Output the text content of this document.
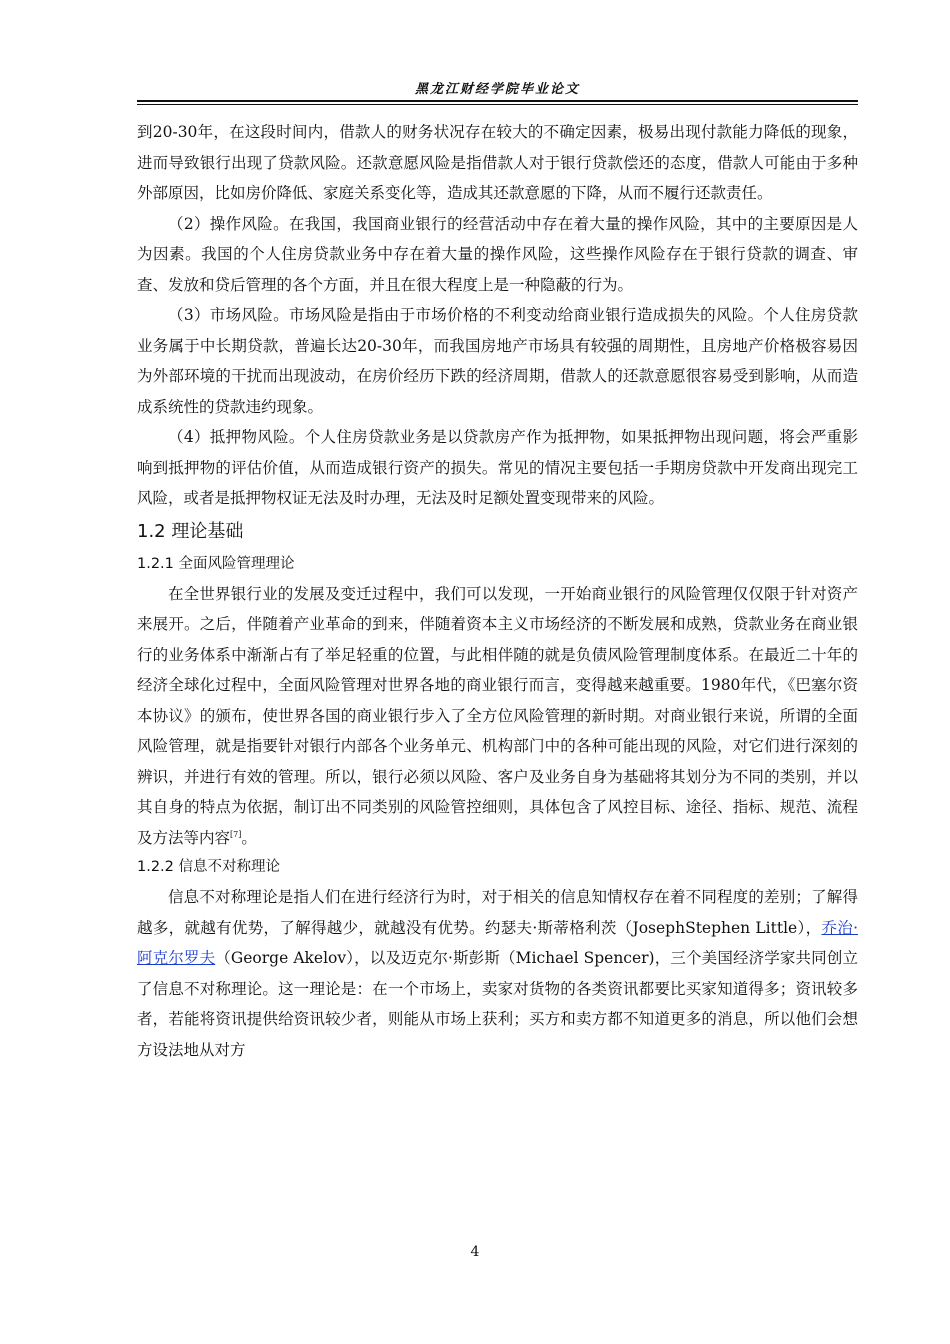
黑龙江财经学院毕业论文

到20-30年，在这段时间内，借款人的财务状况存在较大的不确定因素，极易出现付款能力降低的现象，进而导致银行出现了贷款风险。还款意愿风险是指借款人对于银行贷款偿还的态度，借款人可能由于多种外部原因，比如房价降低、家庭关系变化等，造成其还款意愿的下降，从而不履行还款责任。

（2）操作风险。在我国，我国商业银行的经营活动中存在着大量的操作风险，其中的主要原因是人为因素。我国的个人住房贷款业务中存在着大量的操作风险，这些操作风险存在于银行贷款的调查、审查、发放和贷后管理的各个方面，并且在很大程度上是一种隐蔽的行为。

（3）市场风险。市场风险是指由于市场价格的不利变动给商业银行造成损失的风险。个人住房贷款业务属于中长期贷款，普遍长达20-30年，而我国房地产市场具有较强的周期性，且房地产价格极容易因为外部环境的干扰而出现波动，在房价经历下跌的经济周期，借款人的还款意愿很容易受到影响，从而造成系统性的贷款违约现象。

（4）抵押物风险。个人住房贷款业务是以贷款房产作为抵押物，如果抵押物出现问题，将会严重影响到抵押物的评估价值，从而造成银行资产的损失。常见的情况主要包括一手期房贷款中开发商出现完工风险，或者是抵押物权证无法及时办理，无法及时足额处置变现带来的风险。

1.2 理论基础
1.2.1 全面风险管理理论

在全世界银行业的发展及变迁过程中，我们可以发现，一开始商业银行的风险管理仅仅限于针对资产来展开。之后，伴随着产业革命的到来，伴随着资本主义市场经济的不断发展和成熟，贷款业务在商业银行的业务体系中渐渐占有了举足轻重的位置，与此相伴随的就是负债风险管理制度体系。在最近二十年的经济全球化过程中，全面风险管理对世界各地的商业银行而言，变得越来越重要。1980年代，《巴塞尔资本协议》的颁布，使世界各国的商业银行步入了全方位风险管理的新时期。对商业银行来说，所谓的全面风险管理，就是指要针对银行内部各个业务单元、机构部门中的各种可能出现的风险，对它们进行深刻的辨识，并进行有效的管理。所以，银行必须以风险、客户及业务自身为基础将其划分为不同的类别，并以其自身的特点为依据，制订出不同类别的风险管控细则，具体包含了风控目标、途径、指标、规范、流程及方法等内容[7]。

1.2.2 信息不对称理论

信息不对称理论是指人们在进行经济行为时，对于相关的信息知情权存在着不同程度的差别；了解得越多，就越有优势，了解得越少，就越没有优势。约瑟夫·斯蒂格利茨（JosephStephen Little），乔治·阿克尔罗夫（George Akelov），以及迈克尔·斯彭斯（Michael Spencer)，三个美国经济学家共同创立了信息不对称理论。这一理论是：在一个市场上，卖家对货物的各类资讯都要比买家知道得多；资讯较多者，若能将资讯提供给资讯较少者，则能从市场上获利；买方和卖方都不知道更多的消息，所以他们会想方设法地从对方

4
